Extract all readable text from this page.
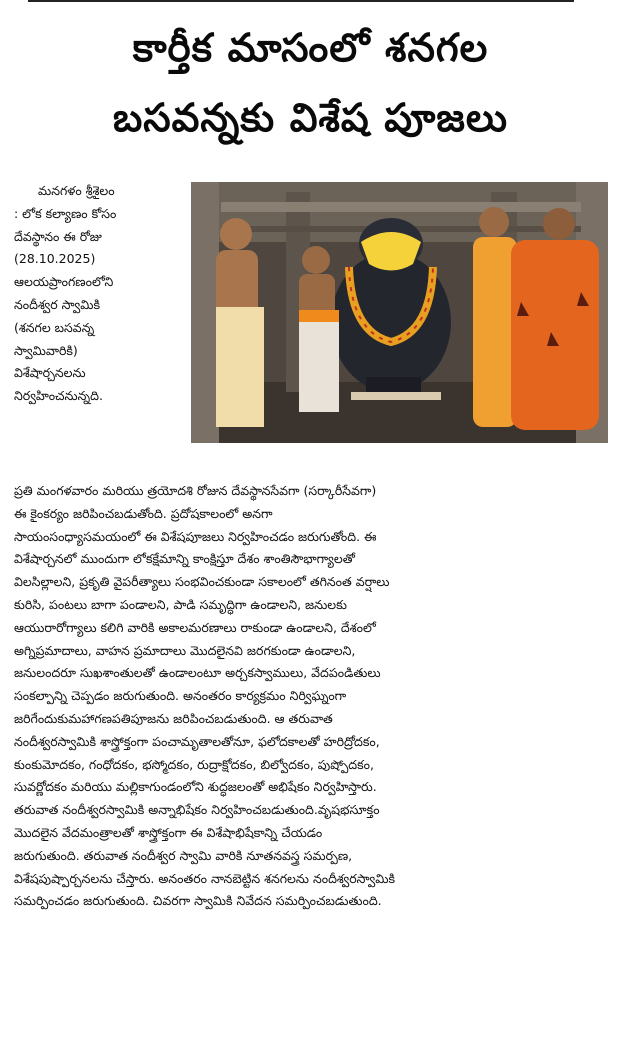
కార్తీక మాసంలో శనగల
బసవన్నకు విశేష పూజలు
మనగళం శ్రీశైలం
: లోక కల్యాణం కోసం
దేవస్థానం ఈ రోజు
(28.10.2025)
ఆలయప్రాంగణంలోని
నందీశ్వర స్వామికి
(శనగల బసవన్న
స్వామివారికి)
విశేషార్చనలను
నిర్వహించనున్నది.
ప్రతి మంగళవారం మరియు త్రయోదశి రోజున దేవస్థానసేవగా (సర్కారీసేవగా)
ఈ కైంకర్యం జరిపించబడుతోంది. ప్రదోషకాలంలో అనగా
సాయంసంధ్యాసమయంలో ఈ విశేషపూజలు నిర్వహించడం జరుగుతోంది. ఈ
విశేషార్చనలో ముందుగా లోకక్షేమాన్ని కాంక్షిస్తూ దేశం శాంతిసౌభాగ్యాలతో
విలసిల్లాలని, ప్రకృతి వైపరీత్యాలు సంభవించకుండా సకాలంలో తగినంత వర్షాలు
కురిసి, పంటలు బాగా పండాలని, పాడి సమృద్ధిగా ఉండాలని, జనులకు
ఆయురారోగ్యాలు కలిగి వారికి అకాలమరణాలు రాకుండా ఉండాలని, దేశంలో
అగ్నిప్రమాదాలు, వాహన ప్రమాదాలు మొదలైనవి జరగకుండా ఉండాలని,
జనులందరూ సుఖశాంతులతో ఉండాలంటూ అర్చకస్వాములు, వేదపండితులు
సంకల్పాన్ని చెప్పడం జరుగుతుంది. అనంతరం కార్యక్రమం నిర్విఘ్నంగా
జరిగేందుకుమహాగణపతిపూజను జరిపించబడుతుంది. ఆ తరువాత
నందీశ్వరస్వామికి శాస్త్రోక్తంగా పంచామృతాలతోనూ, ఫలోదకాలతో హరిద్రోదకం,
కుంకుమోదకం, గంధోదకం, భస్మోదకం, రుద్రాక్షోదకం, బిల్వోదకం, పుష్పోదకం,
సువర్ణోదకం మరియు మల్లికాగుండంలోని శుద్ధజలంతో అభిషేకం నిర్వహిస్తారు.
తరువాత నందీశ్వరస్వామికి అన్నాభిషేకం నిర్వహించబడుతుంది.వృషభసూక్తం
మొదలైన వేదమంత్రాలతో శాస్త్రోక్తంగా ఈ విశేషాభిషేకాన్ని చేయడం
జరుగుతుంది. తరువాత నందీశ్వర స్వామి వారికి నూతనవస్త్ర సమర్పణ,
విశేషపుష్పార్చనలను చేస్తారు. అనంతరం నానబెట్టిన శనగలను నందీశ్వరస్వామికి
సమర్పించడం జరుగుతుంది. చివరగా స్వామికి నివేదన సమర్పించబడుతుంది.
